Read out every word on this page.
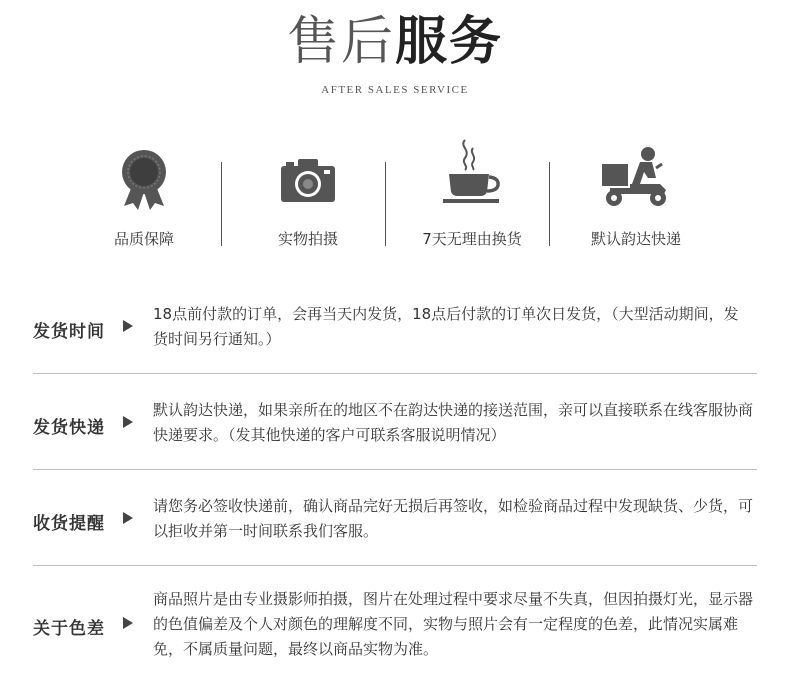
售后服务
AFTER SALES SERVICE
品质保障	实物拍摄	7天无理由换货	默认韵达快递
发货时间
18点前付款的订单，会再当天内发货，18点后付款的订单次日发货，（大型活动期间，发货时间另行通知。）
发货快递
默认韵达快递，如果亲所在的地区不在韵达快递的接送范围，亲可以直接联系在线客服协商快递要求。（发其他快递的客户可联系客服说明情况）
收货提醒
请您务必签收快递前，确认商品完好无损后再签收，如检验商品过程中发现缺货、少货，可以拒收并第一时间联系我们客服。
关于色差
商品照片是由专业摄影师拍摄，图片在处理过程中要求尽量不失真，但因拍摄灯光，显示器的色值偏差及个人对颜色的理解度不同，实物与照片会有一定程度的色差，此情况实属难免，不属质量问题，最终以商品实物为准。
